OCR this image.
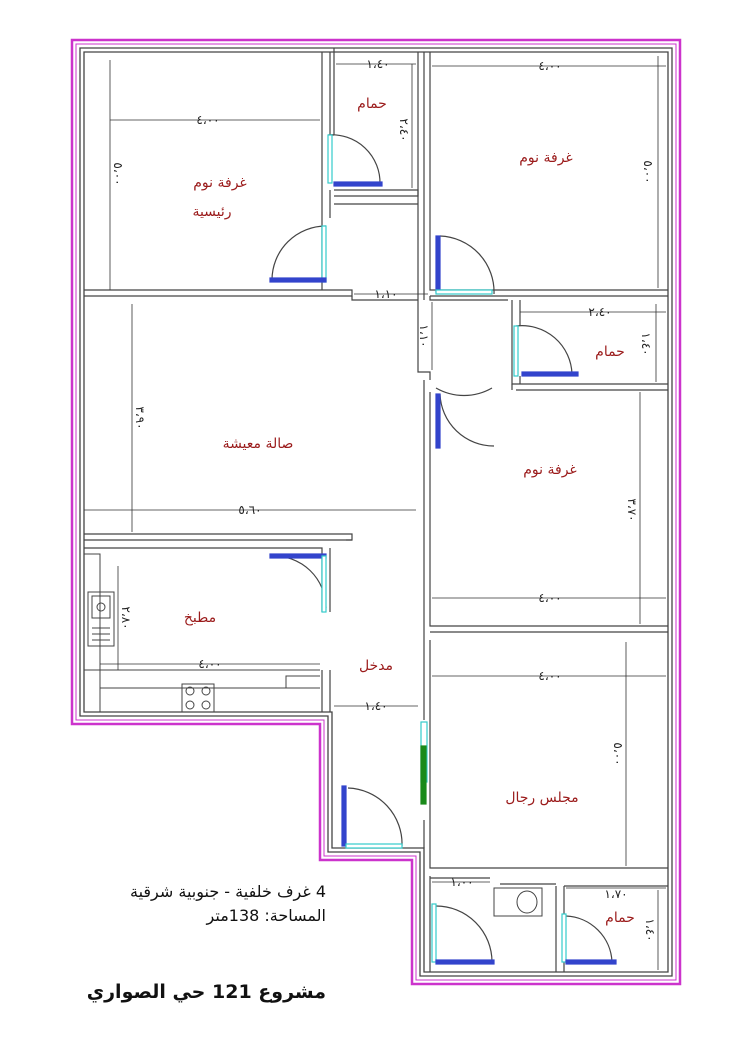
غرفة نوم
رئيسية
حمام
غرفة نوم
حمام
صالة معيشة
غرفة نوم
مطبخ
مدخل
مجلس رجال
حمام
٤،٠٠
٥،٠٠
١،٤٠
٢،٤٠
٤،٠٠
٥،٠٠
١،١٠
١،١٠
٢،٤٠
١،٤٠
٣،٩٠
٥،٦٠	٣،٧٠
٤،٠٠
٢،٨٠
٤،٠٠
١،٤٠
٤،٠٠
٥،٠٠
١،٠٠
١،٧٠
١،٤٠
4 غرف خلفية - جنوبية شرقية
المساحة: 138متر
مشروع 121 حي الصواري
